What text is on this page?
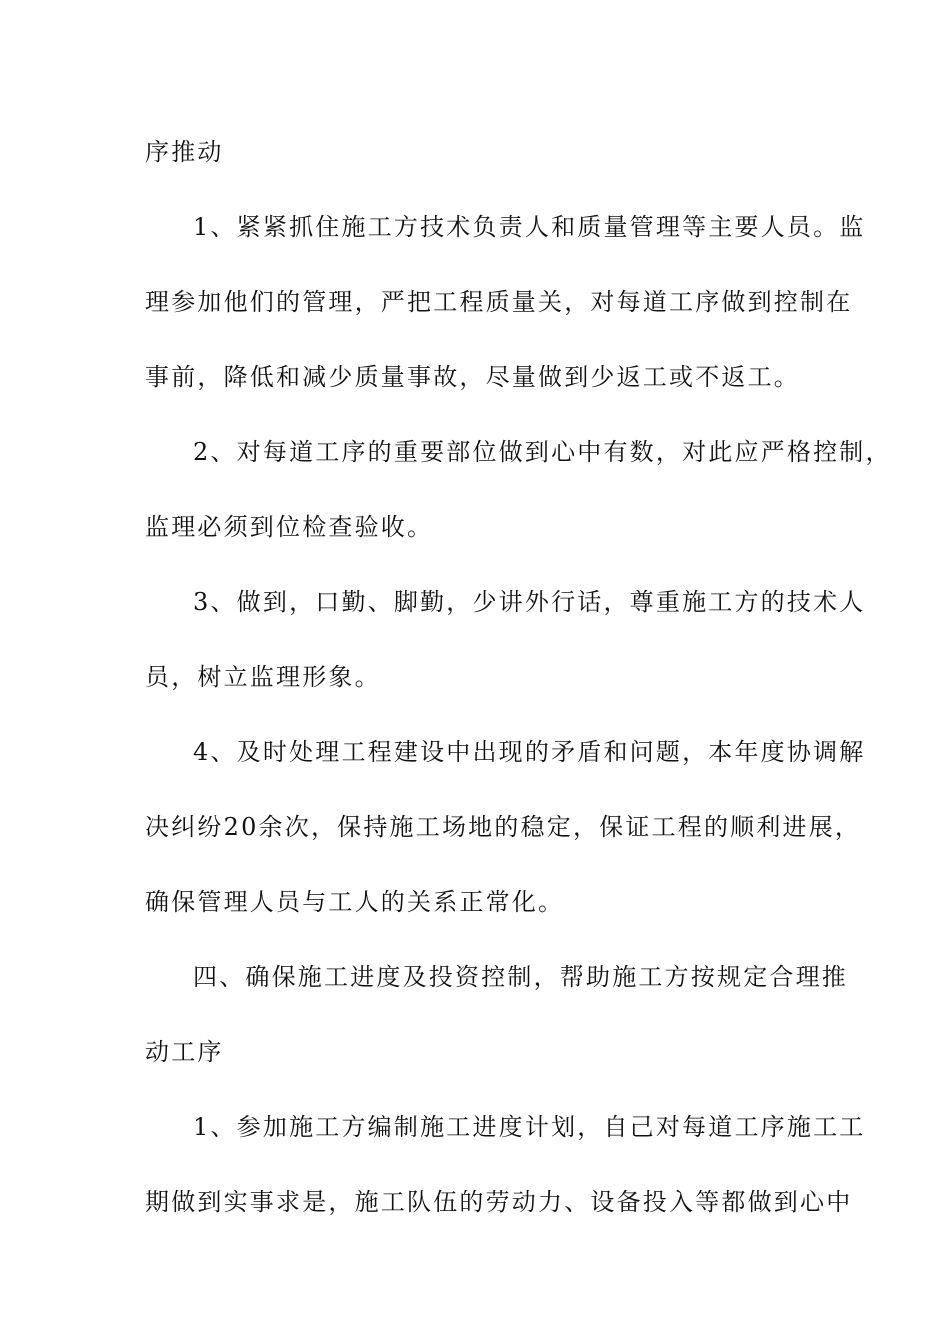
序推动
1、紧紧抓住施工方技术负责人和质量管理等主要人员。监
理参加他们的管理，严把工程质量关，对每道工序做到控制在
事前，降低和减少质量事故，尽量做到少返工或不返工。
2、对每道工序的重要部位做到心中有数，对此应严格控制，
监理必须到位检查验收。
3、做到，口勤、脚勤，少讲外行话，尊重施工方的技术人
员，树立监理形象。
4、及时处理工程建设中出现的矛盾和问题，本年度协调解
决纠纷20余次，保持施工场地的稳定，保证工程的顺利进展，
确保管理人员与工人的关系正常化。
四、确保施工进度及投资控制，帮助施工方按规定合理推
动工序
1、参加施工方编制施工进度计划，自己对每道工序施工工
期做到实事求是，施工队伍的劳动力、设备投入等都做到心中
